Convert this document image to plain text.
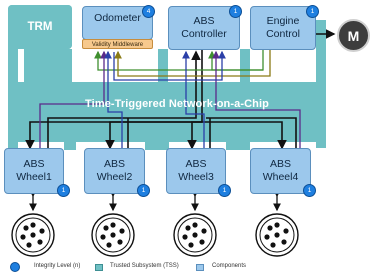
TRM
Odometer
4
Validity Middleware
ABS
Controller
1
Engine
Control
1
M
Time-Triggered Network-on-a-Chip
ABS
Wheel1
1
ABS
Wheel2
1
ABS
Wheel3
1
ABS
Wheel4
1
Integrity Level (n)	Trusted Subsystem (TSS)	Components
